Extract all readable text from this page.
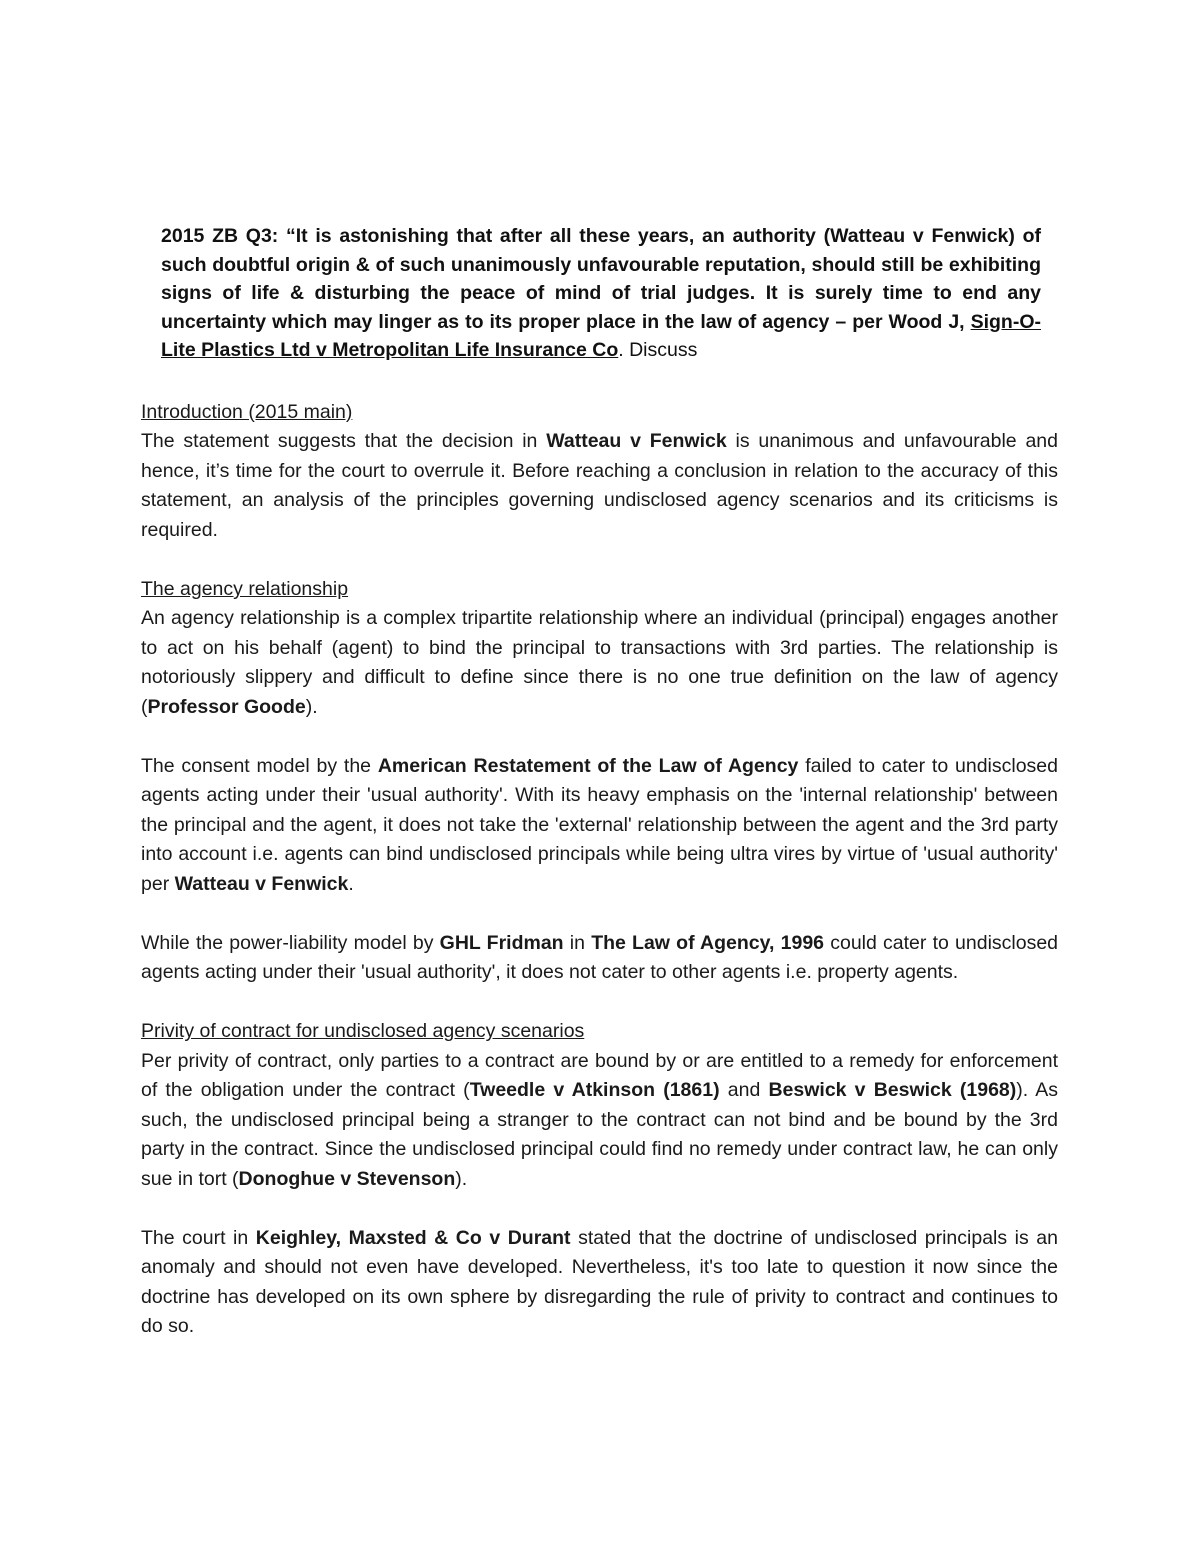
2015 ZB Q3: “It is astonishing that after all these years, an authority (Watteau v Fenwick) of such doubtful origin & of such unanimously unfavourable reputation, should still be exhibiting signs of life & disturbing the peace of mind of trial judges. It is surely time to end any uncertainty which may linger as to its proper place in the law of agency – per Wood J, Sign-O-Lite Plastics Ltd v Metropolitan Life Insurance Co. Discuss

Introduction (2015 main)

The statement suggests that the decision in Watteau v Fenwick is unanimous and unfavourable and hence, it’s time for the court to overrule it. Before reaching a conclusion in relation to the accuracy of this statement, an analysis of the principles governing undisclosed agency scenarios and its criticisms is required.

The agency relationship

An agency relationship is a complex tripartite relationship where an individual (principal) engages another to act on his behalf (agent) to bind the principal to transactions with 3rd parties. The relationship is notoriously slippery and difficult to define since there is no one true definition on the law of agency (Professor Goode).

The consent model by the American Restatement of the Law of Agency failed to cater to undisclosed agents acting under their 'usual authority'. With its heavy emphasis on the 'internal relationship' between the principal and the agent, it does not take the 'external' relationship between the agent and the 3rd party into account i.e. agents can bind undisclosed principals while being ultra vires by virtue of 'usual authority' per Watteau v Fenwick.

While the power-liability model by GHL Fridman in The Law of Agency, 1996 could cater to undisclosed agents acting under their 'usual authority', it does not cater to other agents i.e. property agents.

Privity of contract for undisclosed agency scenarios

Per privity of contract, only parties to a contract are bound by or are entitled to a remedy for enforcement of the obligation under the contract (Tweedle v Atkinson (1861) and Beswick v Beswick (1968)). As such, the undisclosed principal being a stranger to the contract can not bind and be bound by the 3rd party in the contract. Since the undisclosed principal could find no remedy under contract law, he can only sue in tort (Donoghue v Stevenson).

The court in Keighley, Maxsted & Co v Durant stated that the doctrine of undisclosed principals is an anomaly and should not even have developed. Nevertheless, it's too late to question it now since the doctrine has developed on its own sphere by disregarding the rule of privity to contract and continues to do so.
